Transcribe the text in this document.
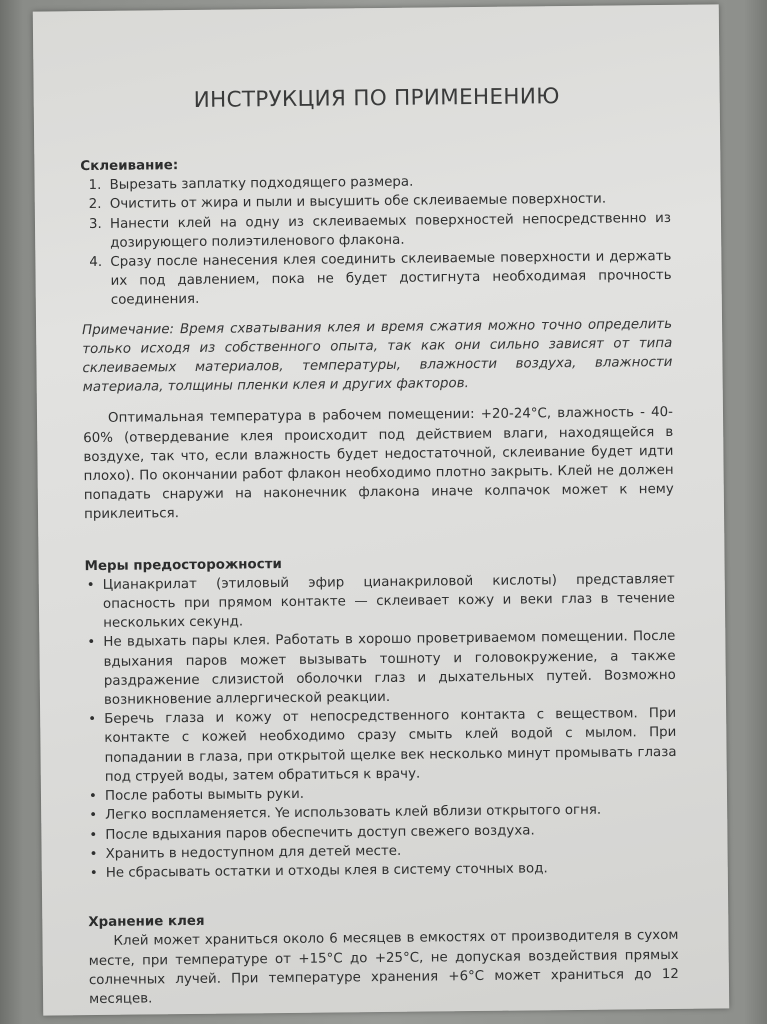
ИНСТРУКЦИЯ ПО ПРИМЕНЕНИЮ
Склеивание:
1. Вырезать заплатку подходящего размера.
2. Очистить от жира и пыли и высушить обе склеиваемые поверхности.
3. Нанести клей на одну из склеиваемых поверхностей непосредственно из дозирующего полиэтиленового флакона.
4. Сразу после нанесения клея соединить склеиваемые поверхности и держать их под давлением, пока не будет достигнута необходимая прочность соединения.
Примечание: Время схватывания клея и время сжатия можно точно определить только исходя из собственного опыта, так как они сильно зависят от типа склеиваемых материалов, температуры, влажности воздуха, влажности материала, толщины пленки клея и других факторов.
Оптимальная температура в рабочем помещении: +20-24°С, влажность - 40-60% (отвердевание клея происходит под действием влаги, находящейся в воздухе, так что, если влажность будет недостаточной, склеивание будет идти плохо). По окончании работ флакон необходимо плотно закрыть. Клей не должен попадать снаружи на наконечник флакона иначе колпачок может к нему приклеиться.
Меры предосторожности
• Цианакрилат (этиловый эфир цианакриловой кислоты) представляет опасность при прямом контакте — склеивает кожу и веки глаз в течение нескольких секунд.
• Не вдыхать пары клея. Работать в хорошо проветриваемом помещении. После вдыхания паров может вызывать тошноту и головокружение, а также раздражение слизистой оболочки глаз и дыхательных путей. Возможно возникновение аллергической реакции.
• Беречь глаза и кожу от непосредственного контакта с веществом. При контакте с кожей необходимо сразу смыть клей водой с мылом. При попадании в глаза, при открытой щелке век несколько минут промывать глаза под струей воды, затем обратиться к врачу.
• После работы вымыть руки.
• Легко воспламеняется. Ye использовать клей вблизи открытого огня.
• После вдыхания паров обеспечить доступ свежего воздуха.
• Хранить в недоступном для детей месте.
• Не сбрасывать остатки и отходы клея в систему сточных вод.
Хранение клея
Клей может храниться около 6 месяцев в емкостях от производителя в сухом месте, при температуре от +15°С до +25°С, не допуская воздействия прямых солнечных лучей. При температуре хранения +6°С может храниться до 12 месяцев.
